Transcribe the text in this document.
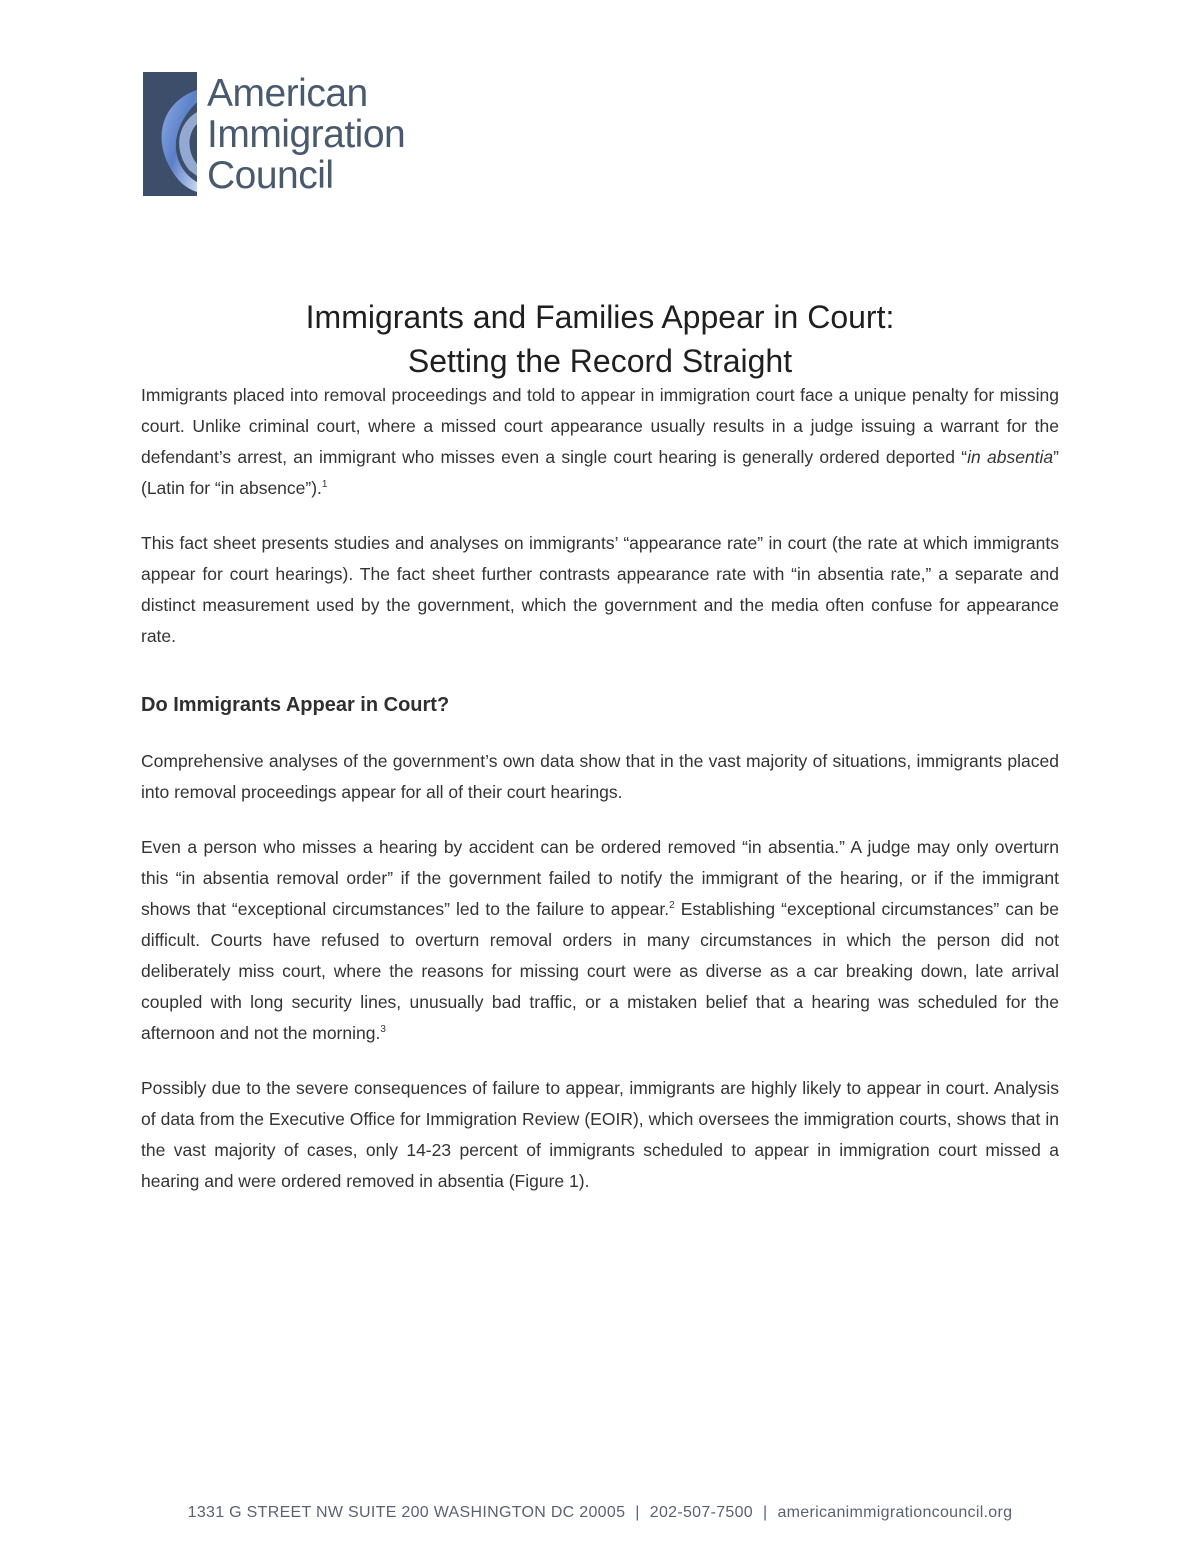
American
Immigration
Council
Immigrants and Families Appear in Court:
Setting the Record Straight

Immigrants placed into removal proceedings and told to appear in immigration court face a unique penalty for missing court. Unlike criminal court, where a missed court appearance usually results in a judge issuing a warrant for the defendant’s arrest, an immigrant who misses even a single court hearing is generally ordered deported “in absentia” (Latin for “in absence”).$^1$

This fact sheet presents studies and analyses on immigrants’ “appearance rate” in court (the rate at which immigrants appear for court hearings). The fact sheet further contrasts appearance rate with “in absentia rate,” a separate and distinct measurement used by the government, which the government and the media often confuse for appearance rate.

Do Immigrants Appear in Court?

Comprehensive analyses of the government’s own data show that in the vast majority of situations, immigrants placed into removal proceedings appear for all of their court hearings.

Even a person who misses a hearing by accident can be ordered removed “in absentia.” A judge may only overturn this “in absentia removal order” if the government failed to notify the immigrant of the hearing, or if the immigrant shows that “exceptional circumstances” led to the failure to appear.$^2$ Establishing “exceptional circumstances” can be difficult. Courts have refused to overturn removal orders in many circumstances in which the person did not deliberately miss court, where the reasons for missing court were as diverse as a car breaking down, late arrival coupled with long security lines, unusually bad traffic, or a mistaken belief that a hearing was scheduled for the afternoon and not the morning.$^3$

Possibly due to the severe consequences of failure to appear, immigrants are highly likely to appear in court. Analysis of data from the Executive Office for Immigration Review (EOIR), which oversees the immigration courts, shows that in the vast majority of cases, only 14-23 percent of immigrants scheduled to appear in immigration court missed a hearing and were ordered removed in absentia (Figure 1).

1331 G STREET NW SUITE 200 WASHINGTON DC 20005 | 202-507-7500 | americanimmigrationcouncil.org
